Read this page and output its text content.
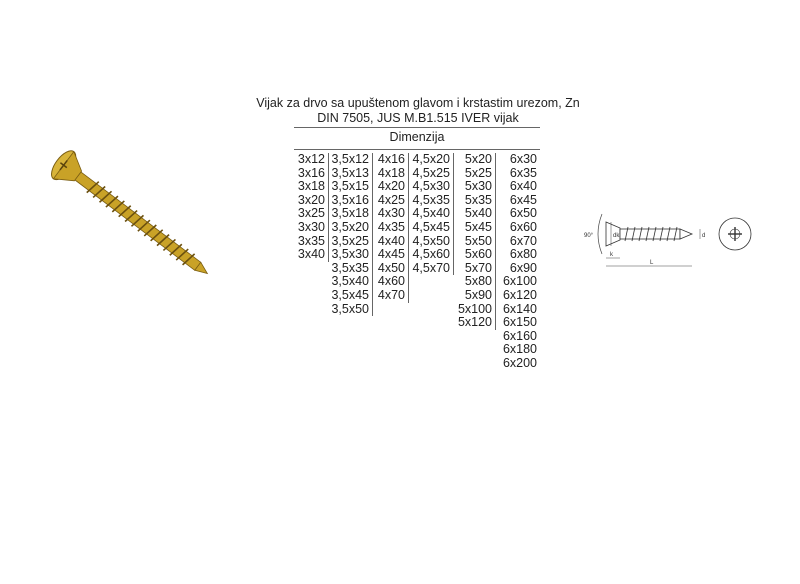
Vijak za drvo sa upuštenom glavom i krstastim urezom, Zn
DIN 7505, JUS M.B1.515 IVER vijak
Dimenzija
3x12
3x16
3x18
3x20
3x25
3x30
3x35
3x40
3,5x12
3,5x13
3,5x15
3,5x16
3,5x18
3,5x20
3,5x25
3,5x30
3,5x35
3,5x40
3,5x45
3,5x50
4x16
4x18
4x20
4x25
4x30
4x35
4x40
4x45
4x50
4x60
4x70
4,5x20
4,5x25
4,5x30
4,5x35
4,5x40
4,5x45
4,5x50
4,5x60
4,5x70
5x20
5x25
5x30
5x35
5x40
5x45
5x50
5x60
5x70
5x80
5x90
5x100
5x120
6x30
6x35
6x40
6x45
6x50
6x60
6x70
6x80
6x90
6x100
6x120
6x140
6x150
6x160
6x180
6x200
90°	dk	d
k
L
